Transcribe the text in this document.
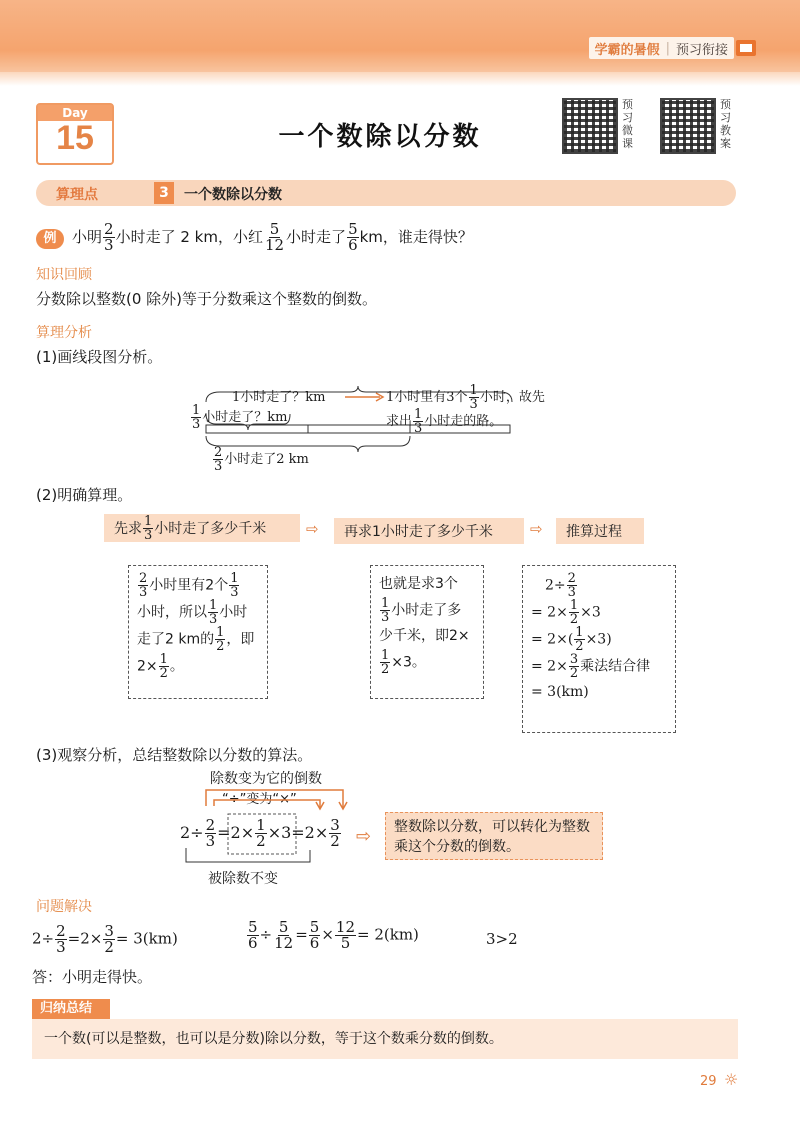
学霸的暑假 | 预习衔接
Day
15	一个数除以分数
预习微课
预习教案
算理点	3	一个数除以分数
例	小明 $\frac{2}{3}$ 小时走了 2 km，小红 $\frac{5}{12}$ 小时走了 $\frac{5}{6}$ km，谁走得快？
知识回顾
分数除以整数(0 除外)等于分数乘这个整数的倒数。
算理分析
(1)画线段图分析。
1小时走了？km
$\frac{1}{3}$ 小时走了？km
$\frac{2}{3}$ 小时走了2 km
1小时里有3个 $\frac{1}{3}$ 小时，故先
求出 $\frac{1}{3}$ 小时走的路。
(2)明确算理。
先求 $\frac{1}{3}$ 小时走了多少千米	⇨	再求1小时走了多少千米	⇨	推算过程
$\frac{2}{3}$ 小时里有2个 $\frac{1}{3}$
小时，所以 $\frac{1}{3}$ 小时
走了2 km的 $\frac{1}{2}$ ，即
$2\times \frac{1}{2}$ 。
也就是求3个
$\frac{1}{3}$ 小时走了多
少千米，即2×
$\frac{1}{2} \times 3$。
$2\div \frac{2}{3}$
= $2\times \frac{1}{2} \times 3$
= $2\times( \frac{1}{2} \times 3)$
= $2\times \frac{3}{2}$ 乘法结合律
= 3(km)
(3)观察分析，总结整数除以分数的算法。
除数变为它的倒数
“÷”变为“×”
$2\div \frac{2}{3} =2\times \frac{1}{2} \times 3=2\times \frac{3}{2}$
被除数不变
⇨	整数除以分数，可以转化为整数乘这个分数的倒数。
问题解决
$2\div \frac{2}{3} =2\times \frac{3}{2} = 3(km)$	$\frac{5}{6} \div \frac{5}{12} = \frac{5}{6} \times \frac{12}{5} = 2(km)$	3>2
答：小明走得快。
归纳总结
一个数(可以是整数，也可以是分数)除以分数，等于这个数乘分数的倒数。
29 ☼
